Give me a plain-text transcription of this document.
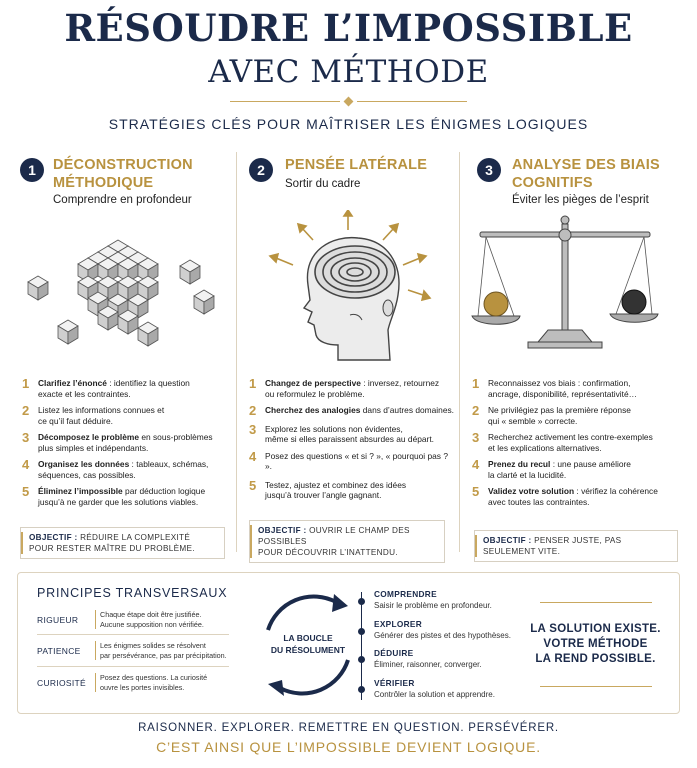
RÉSOUDRE L’IMPOSSIBLE
AVEC MÉTHODE
STRATÉGIES CLÉS POUR MAÎTRISER LES ÉNIGMES LOGIQUES
1	DÉCONSTRUCTION
MÉTHODIQUE
Comprendre en profondeur
1 Clarifiez l’énoncé : identifiez la question
exacte et les contraintes.
2 Listez les informations connues et
ce qu’il faut déduire.
3 Décomposez le problème en sous-problèmes
plus simples et indépendants.
4 Organisez les données : tableaux, schémas,
séquences, cas possibles.
5 Éliminez l’impossible par déduction logique
jusqu’à ne garder que les solutions viables.
OBJECTIF : RÉDUIRE LA COMPLEXITÉ
POUR RESTER MAÎTRE DU PROBLÈME.
2	PENSÉE LATÉRALE
Sortir du cadre
1 Changez de perspective : inversez, retournez
ou reformulez le problème.
2 Cherchez des analogies dans d’autres domaines.
3 Explorez les solutions non évidentes,
même si elles paraissent absurdes au départ.
4 Posez des questions « et si ? », « pourquoi pas ? ».
5 Testez, ajustez et combinez des idées
jusqu’à trouver l’angle gagnant.
OBJECTIF : OUVRIR LE CHAMP DES POSSIBLES
POUR DÉCOUVRIR L’INATTENDU.
3	ANALYSE DES BIAIS
COGNITIFS
Éviter les pièges de l’esprit
1 Reconnaissez vos biais : confirmation,
ancrage, disponibilité, représentativité…
2 Ne privilégiez pas la première réponse
qui « semble » correcte.
3 Recherchez activement les contre-exemples
et les explications alternatives.
4 Prenez du recul : une pause améliore
la clarté et la lucidité.
5 Validez votre solution : vérifiez la cohérence
avec toutes las contraintes.
OBJECTIF : PENSER JUSTE, PAS SEULEMENT VITE.
PRINCIPES TRANSVERSAUX
RIGUEUR
Chaque étape doit être justifiée.
Aucune supposition non vérifiée.
PATIENCE
Les énigmes solides se résolvent
par persévérance, pas par précipitation.
CURIOSITÉ
Posez des questions. La curiosité
ouvre les portes invisibles.
LA BOUCLE
DU RÉSOLUMENT
COMPRENDRE
Saisir le problème en profondeur.
EXPLORER
Générer des pistes et des hypothèses.
DÉDUIRE
Éliminer, raisonner, converger.
VÉRIFIER
Contrôler la solution et apprendre.
LA SOLUTION EXISTE.
VOTRE MÉTHODE
LA REND POSSIBLE.
RAISONNER. EXPLORER. REMETTRE EN QUESTION. PERSÉVÉRER.
C’EST AINSI QUE L’IMPOSSIBLE DEVIENT LOGIQUE.
